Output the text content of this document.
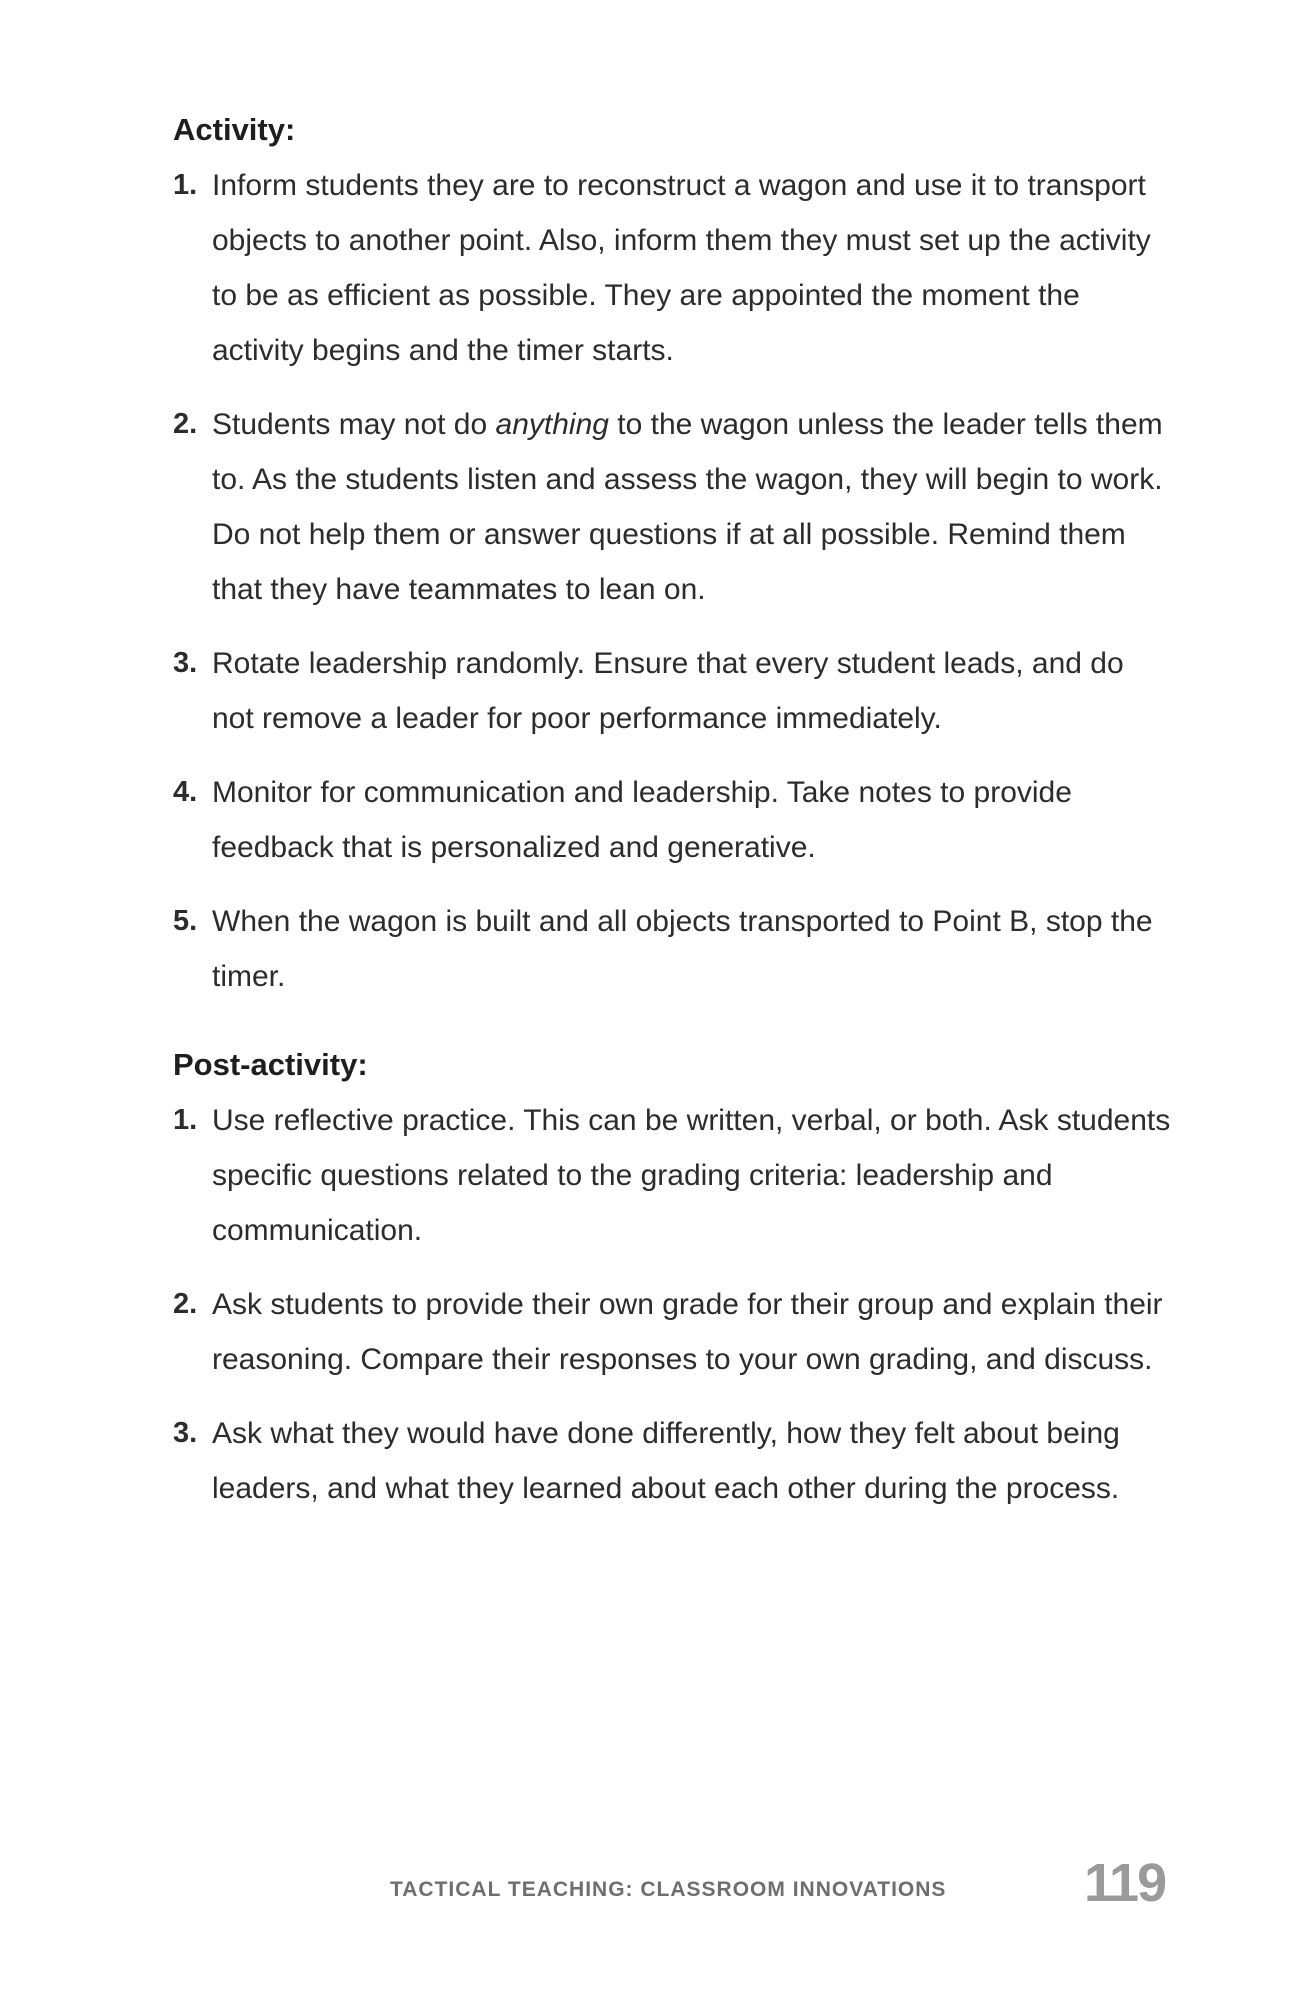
Activity:
1. Inform students they are to reconstruct a wagon and use it to transport objects to another point. Also, inform them they must set up the activity to be as efficient as possible. They are appointed the moment the activity begins and the timer starts.
2. Students may not do anything to the wagon unless the leader tells them to. As the students listen and assess the wagon, they will begin to work. Do not help them or answer questions if at all possible. Remind them that they have teammates to lean on.
3. Rotate leadership randomly. Ensure that every student leads, and do not remove a leader for poor performance immediately.
4. Monitor for communication and leadership. Take notes to provide feedback that is personalized and generative.
5. When the wagon is built and all objects transported to Point B, stop the timer.
Post-activity:
1. Use reflective practice. This can be written, verbal, or both. Ask students specific questions related to the grading criteria: leadership and communication.
2. Ask students to provide their own grade for their group and explain their reasoning. Compare their responses to your own grading, and discuss.
3. Ask what they would have done differently, how they felt about being leaders, and what they learned about each other during the process.
TACTICAL TEACHING: CLASSROOM INNOVATIONS	119
